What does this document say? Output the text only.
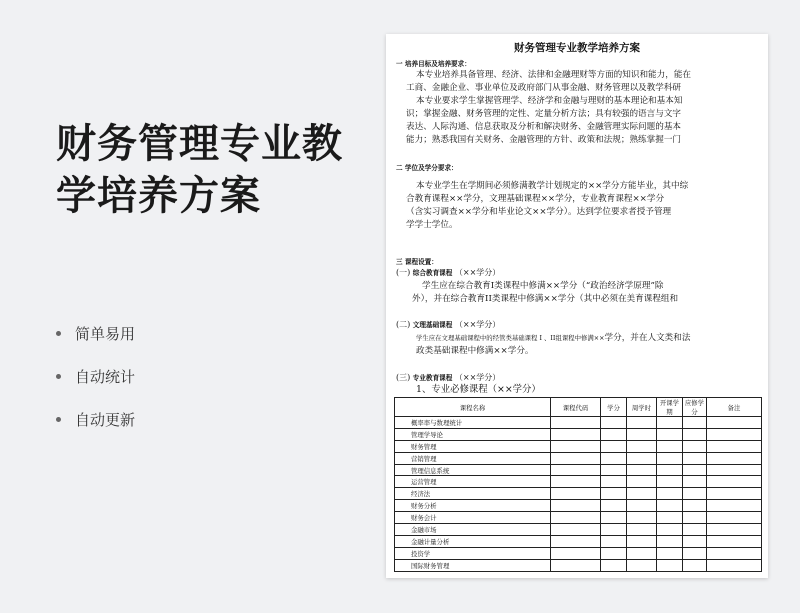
财务管理专业教学培养方案
简单易用
自动统计
自动更新
财务管理专业教学培养方案
一 培养目标及培养要求：
本专业培养具备管理、经济、法律和金融理财等方面的知识和能力，能在
工商、金融企业、事业单位及政府部门从事金融、财务管理以及教学科研
本专业要求学生掌握管理学、经济学和金融与理财的基本理论和基本知
识；掌握金融、财务管理的定性、定量分析方法；具有较强的语言与文字
表达、人际沟通、信息获取及分析和解决财务、金融管理实际问题的基本
能力；熟悉我国有关财务、金融管理的方针、政策和法规；熟练掌握一门
二 学位及学分要求：
本专业学生在学期间必须修满教学计划规定的××学分方能毕业，其中综
合教育课程××学分，文理基础课程××学分，专业教育课程××学分
（含实习调查××学分和毕业论文××学分）。达到学位要求者授予管理
学学士学位。
三 课程设置：
(一) 综合教育课程 （××学分）
学生应在综合教育I类课程中修满××学分（“政治经济学原理”除
外），并在综合教育II类课程中修满××学分（其中必须在美育课程组和
(二) 文理基础课程 （××学分）
学生应在文理基础课程中的经管类基础课程 I 、II组课程中修满××学分，并在人文类和法
政类基础课程中修满××学分。
(三) 专业教育课程 （××学分）
1、专业必修课程（××学分）
课程名称	课程代码	学分	周学时	开课学期	应修学分	备注
概率率与数理统计						
管理学导论						
财务管理						
营销管理						
管理信息系统						
运营管理						
经济法						
财务分析						
财务会计						
金融市场						
金融计量分析						
投资学						
国际财务管理						
